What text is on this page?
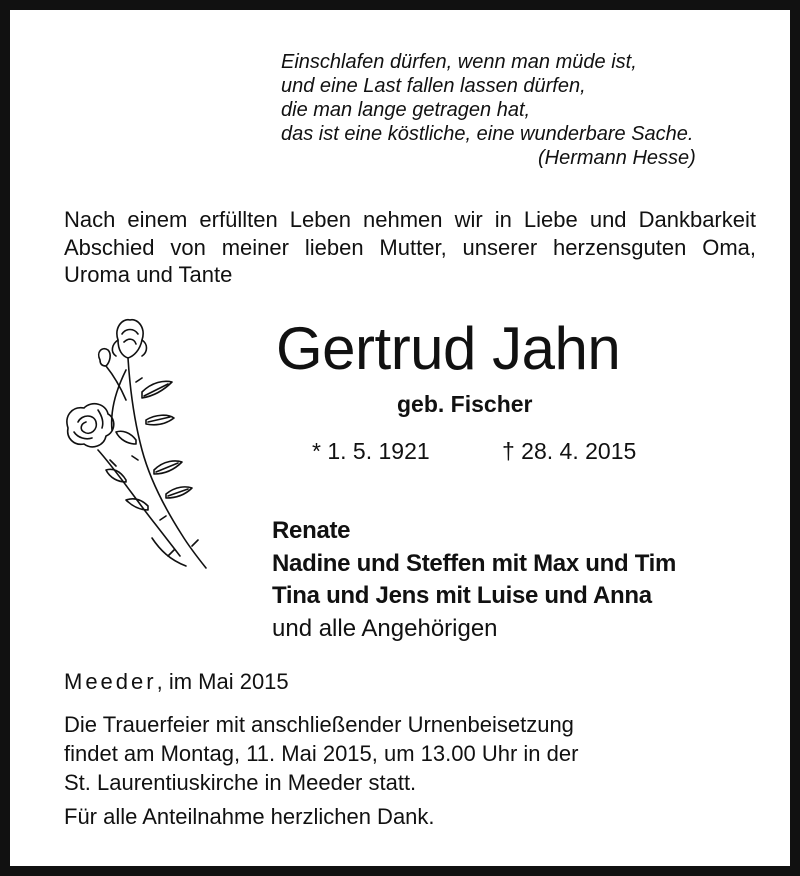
Einschlafen dürfen, wenn man müde ist,
und eine Last fallen lassen dürfen,
die man lange getragen hat,
das ist eine köstliche, eine wunderbare Sache.
(Hermann Hesse)
Nach einem erfüllten Leben nehmen wir in Liebe und Dankbarkeit Abschied von meiner lieben Mutter, unserer herzensguten Oma, Uroma und Tante
Gertrud Jahn
geb. Fischer
* 1. 5. 1921	† 28. 4. 2015
Renate
Nadine und Steffen mit Max und Tim
Tina und Jens mit Luise und Anna
und alle Angehörigen
Meeder, im Mai 2015
Die Trauerfeier mit anschließender Urnenbeisetzung
findet am Montag, 11. Mai 2015, um 13.00 Uhr in der
St. Laurentiuskirche in Meeder statt.
Für alle Anteilnahme herzlichen Dank.
